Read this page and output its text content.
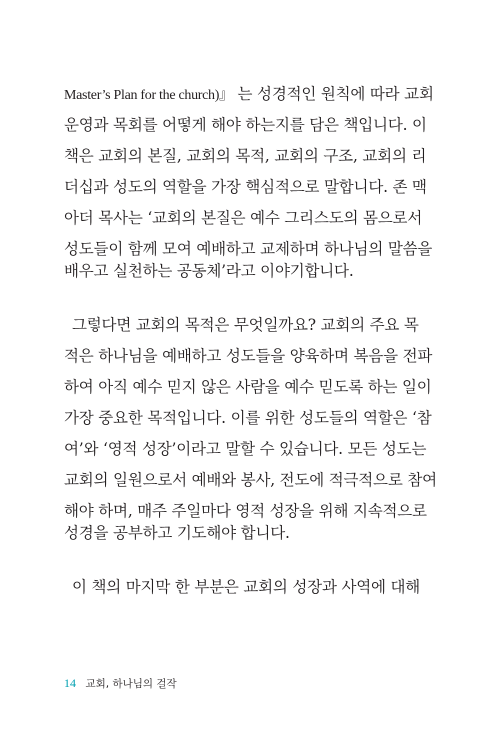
Master’s Plan for the church)』 는 성경적인 원칙에 따라 교회
운영과 목회를 어떻게 해야 하는지를 담은 책입니다. 이
책은 교회의 본질, 교회의 목적, 교회의 구조, 교회의 리
더십과 성도의 역할을 가장 핵심적으로 말합니다. 존 맥
아더 목사는 ‘교회의 본질은 예수 그리스도의 몸으로서
성도들이 함께 모여 예배하고 교제하며 하나님의 말씀을
배우고 실천하는 공동체’라고 이야기합니다.
그렇다면 교회의 목적은 무엇일까요? 교회의 주요 목
적은 하나님을 예배하고 성도들을 양육하며 복음을 전파
하여 아직 예수 믿지 않은 사람을 예수 믿도록 하는 일이
가장 중요한 목적입니다. 이를 위한 성도들의 역할은 ‘참
여’와 ‘영적 성장’이라고 말할 수 있습니다. 모든 성도는
교회의 일원으로서 예배와 봉사, 전도에 적극적으로 참여
해야 하며, 매주 주일마다 영적 성장을 위해 지속적으로
성경을 공부하고 기도해야 합니다.
이 책의 마지막 한 부분은 교회의 성장과 사역에 대해
14 교회, 하나님의 걸작
